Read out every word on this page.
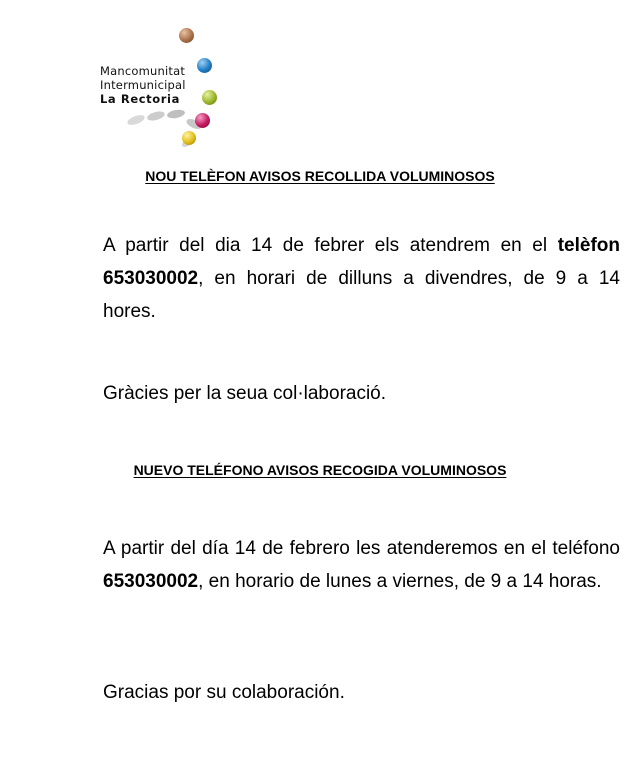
Mancomunitat
Intermunicipal
La Rectoria
NOU TELÈFON AVISOS RECOLLIDA VOLUMINOSOS
A partir del dia 14 de febrer els atendrem en el telèfon 653030002, en horari de dilluns a divendres, de 9 a 14 hores.
Gràcies per la seua col·laboració.
NUEVO TELÉFONO AVISOS RECOGIDA VOLUMINOSOS
A partir del día 14 de febrero les atenderemos en el teléfono 653030002, en horario de lunes a viernes, de 9 a 14 horas.
Gracias por su colaboración.
